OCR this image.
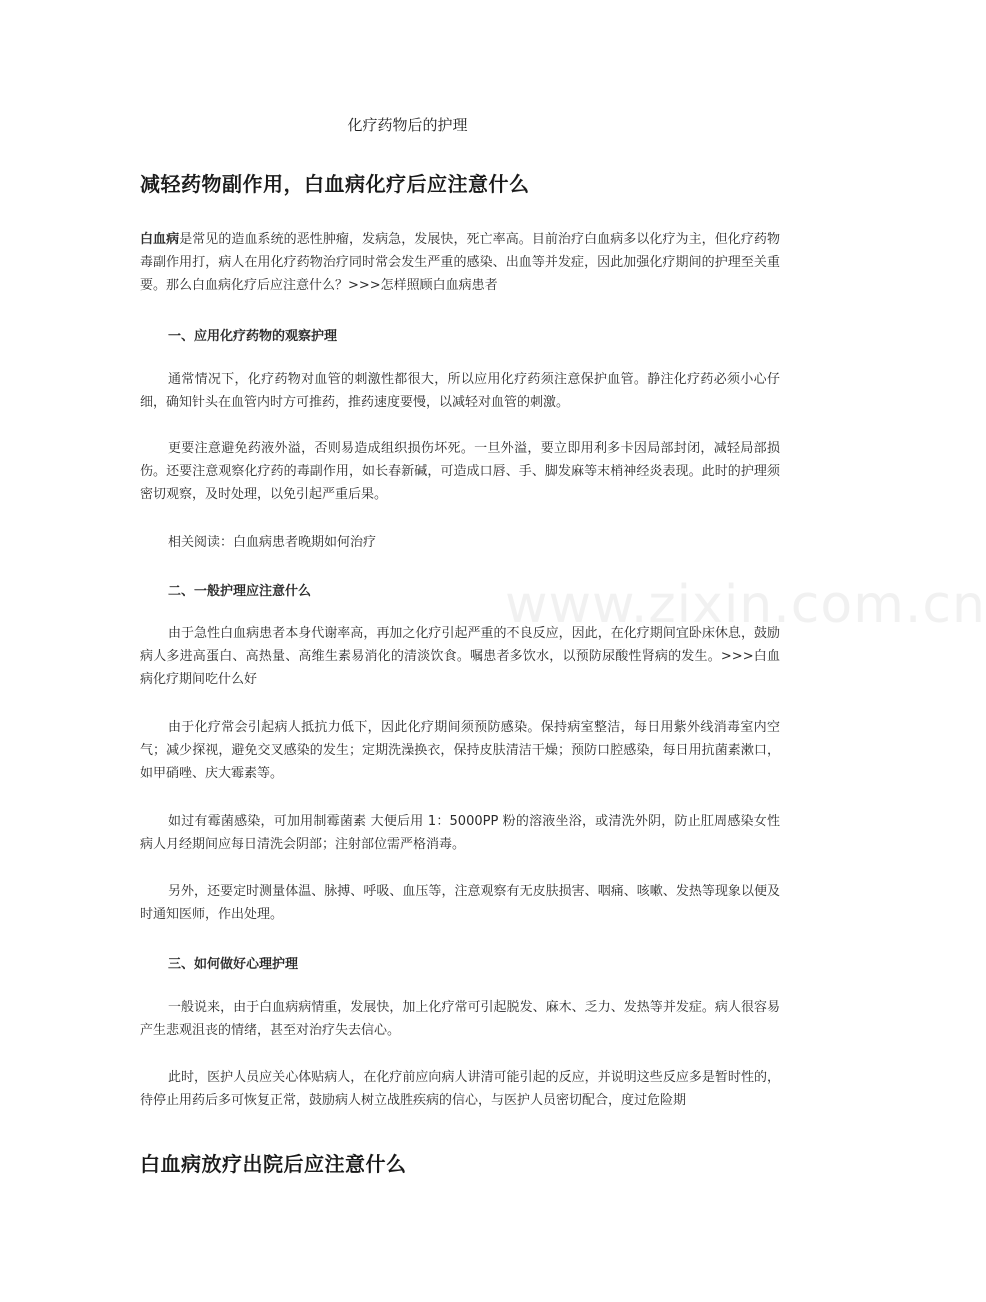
www.zixin.com.cn
化疗药物后的护理
减轻药物副作用，白血病化疗后应注意什么

白血病是常见的造血系统的恶性肿瘤，发病急，发展快，死亡率高。目前治疗白血病多以化疗为主，但化疗药物毒副作用打，病人在用化疗药物治疗同时常会发生严重的感染、出血等并发症，因此加强化疗期间的护理至关重要。那么白血病化疗后应注意什么？>>>怎样照顾白血病患者

一、应用化疗药物的观察护理

通常情况下，化疗药物对血管的刺激性都很大，所以应用化疗药须注意保护血管。静注化疗药必须小心仔细，确知针头在血管内时方可推药，推药速度要慢，以减轻对血管的刺激。

更要注意避免药液外溢，否则易造成组织损伤坏死。一旦外溢，要立即用利多卡因局部封闭，减轻局部损伤。还要注意观察化疗药的毒副作用，如长春新碱，可造成口唇、手、脚发麻等末梢神经炎表现。此时的护理须密切观察，及时处理，以免引起严重后果。

相关阅读：白血病患者晚期如何治疗

二、一般护理应注意什么

由于急性白血病患者本身代谢率高，再加之化疗引起严重的不良反应，因此，在化疗期间宜卧床休息，鼓励病人多进高蛋白、高热量、高维生素易消化的清淡饮食。嘱患者多饮水，以预防尿酸性肾病的发生。>>>白血病化疗期间吃什么好

由于化疗常会引起病人抵抗力低下，因此化疗期间须预防感染。保持病室整洁，每日用紫外线消毒室内空气；减少探视，避免交叉感染的发生；定期洗澡换衣，保持皮肤清洁干燥；预防口腔感染，每日用抗菌素漱口，如甲硝唑、庆大霉素等。

如过有霉菌感染，可加用制霉菌素 大便后用 1：5000PP 粉的溶液坐浴，或清洗外阴，防止肛周感染女性病人月经期间应每日清洗会阴部；注射部位需严格消毒。

另外，还要定时测量体温、脉搏、呼吸、血压等，注意观察有无皮肤损害、咽痛、咳嗽、发热等现象以便及时通知医师，作出处理。

三、如何做好心理护理

一般说来，由于白血病病情重，发展快，加上化疗常可引起脱发、麻木、乏力、发热等并发症。病人很容易产生悲观沮丧的情绪，甚至对治疗失去信心。

此时，医护人员应关心体贴病人，在化疗前应向病人讲清可能引起的反应，并说明这些反应多是暂时性的，待停止用药后多可恢复正常，鼓励病人树立战胜疾病的信心，与医护人员密切配合，度过危险期

白血病放疗出院后应注意什么
